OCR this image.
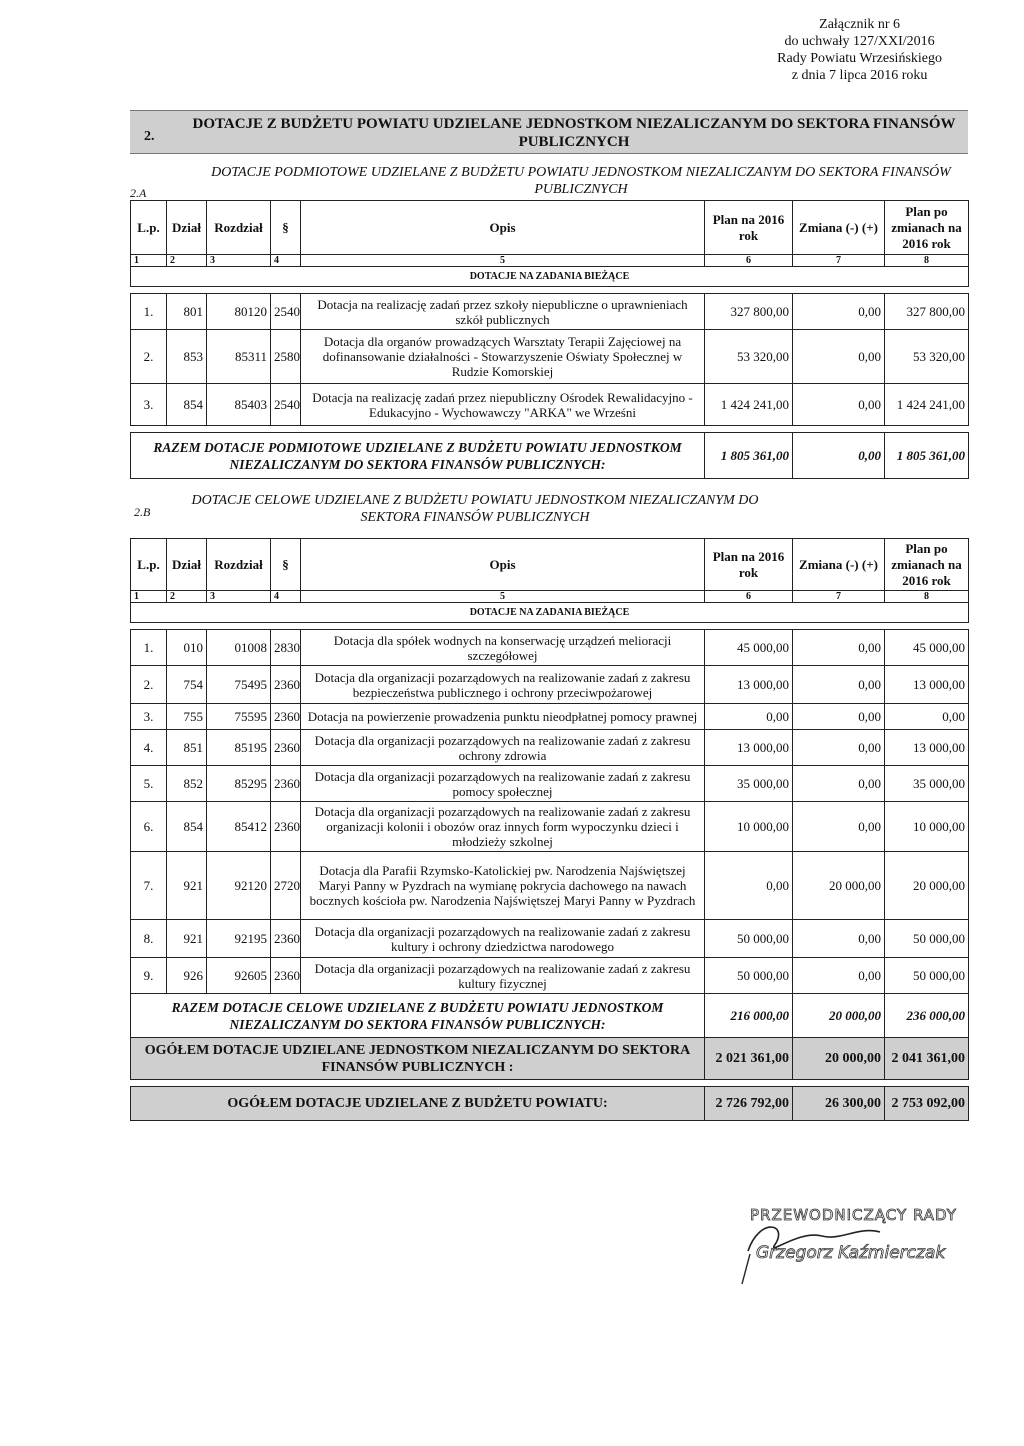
Załącznik nr 6
do uchwały 127/XXI/2016
Rady Powiatu Wrzesińskiego
z dnia 7 lipca 2016 roku
2.
DOTACJE Z BUDŻETU POWIATU UDZIELANE JEDNOSTKOM NIEZALICZANYM DO SEKTORA FINANSÓW PUBLICZNYCH
DOTACJE PODMIOTOWE UDZIELANE Z BUDŻETU POWIATU JEDNOSTKOM NIEZALICZANYM DO SEKTORA FINANSÓW PUBLICZNYCH
2.A
L.p.	Dział	Rozdział	§	Opis	Plan na 2016 rok	Zmiana (-) (+)	Plan po zmianach na 2016 rok
1	2	3	4	5	6	7	8
DOTACJE NA ZADANIA BIEŻĄCE							

1.	801	80120	2540	Dotacja na realizację zadań przez szkoły niepubliczne o uprawnieniach szkół publicznych	327 800,00	0,00	327 800,00
2.	853	85311	2580	Dotacja dla organów prowadzących Warsztaty Terapii Zajęciowej na dofinansowanie działalności - Stowarzyszenie Oświaty Społecznej w Rudzie Komorskiej	53 320,00	0,00	53 320,00
3.	854	85403	2540	Dotacja na realizację zadań przez niepubliczny Ośrodek Rewalidacyjno - Edukacyjno - Wychowawczy "ARKA" we Wrześni	1 424 241,00	0,00	1 424 241,00

RAZEM DOTACJE PODMIOTOWE UDZIELANE Z BUDŻETU POWIATU JEDNOSTKOM NIEZALICZANYM DO SEKTORA FINANSÓW PUBLICZNYCH:					1 805 361,00	0,00	1 805 361,00
DOTACJE CELOWE UDZIELANE Z BUDŻETU POWIATU JEDNOSTKOM NIEZALICZANYM DO SEKTORA FINANSÓW PUBLICZNYCH
2.B
L.p.	Dział	Rozdział	§	Opis	Plan na 2016 rok	Zmiana (-) (+)	Plan po zmianach na 2016 rok
1	2	3	4	5	6	7	8
DOTACJE NA ZADANIA BIEŻĄCE							

1.	010	01008	2830	Dotacja dla spółek wodnych na konserwację urządzeń melioracji szczegółowej	45 000,00	0,00	45 000,00
2.	754	75495	2360	Dotacja dla organizacji pozarządowych na realizowanie zadań z zakresu bezpieczeństwa publicznego i ochrony przeciwpożarowej	13 000,00	0,00	13 000,00
3.	755	75595	2360	Dotacja na powierzenie prowadzenia punktu nieodpłatnej pomocy prawnej	0,00	0,00	0,00
4.	851	85195	2360	Dotacja dla organizacji pozarządowych na realizowanie zadań z zakresu ochrony zdrowia	13 000,00	0,00	13 000,00
5.	852	85295	2360	Dotacja dla organizacji pozarządowych na realizowanie zadań z zakresu pomocy społecznej	35 000,00	0,00	35 000,00
6.	854	85412	2360	Dotacja dla organizacji pozarządowych na realizowanie zadań z zakresu organizacji kolonii i obozów oraz innych form wypoczynku dzieci i młodzieży szkolnej	10 000,00	0,00	10 000,00
7.	921	92120	2720	Dotacja dla Parafii Rzymsko-Katolickiej pw. Narodzenia Najświętszej Maryi Panny w Pyzdrach na wymianę pokrycia dachowego na nawach bocznych kościoła pw. Narodzenia Najświętszej Maryi Panny w Pyzdrach	0,00	20 000,00	20 000,00
8.	921	92195	2360	Dotacja dla organizacji pozarządowych na realizowanie zadań z zakresu kultury i ochrony dziedzictwa narodowego	50 000,00	0,00	50 000,00
9.	926	92605	2360	Dotacja dla organizacji pozarządowych na realizowanie zadań z zakresu kultury fizycznej	50 000,00	0,00	50 000,00
RAZEM DOTACJE CELOWE UDZIELANE Z BUDŻETU POWIATU JEDNOSTKOM NIEZALICZANYM DO SEKTORA FINANSÓW PUBLICZNYCH:					216 000,00	20 000,00	236 000,00
OGÓŁEM DOTACJE UDZIELANE JEDNOSTKOM NIEZALICZANYM DO SEKTORA FINANSÓW PUBLICZNYCH :					2 021 361,00	20 000,00	2 041 361,00

OGÓŁEM DOTACJE UDZIELANE Z BUDŻETU POWIATU:					2 726 792,00	26 300,00	2 753 092,00
PRZEWODNICZĄCY RADY
Grzegorz Kaźmierczak
